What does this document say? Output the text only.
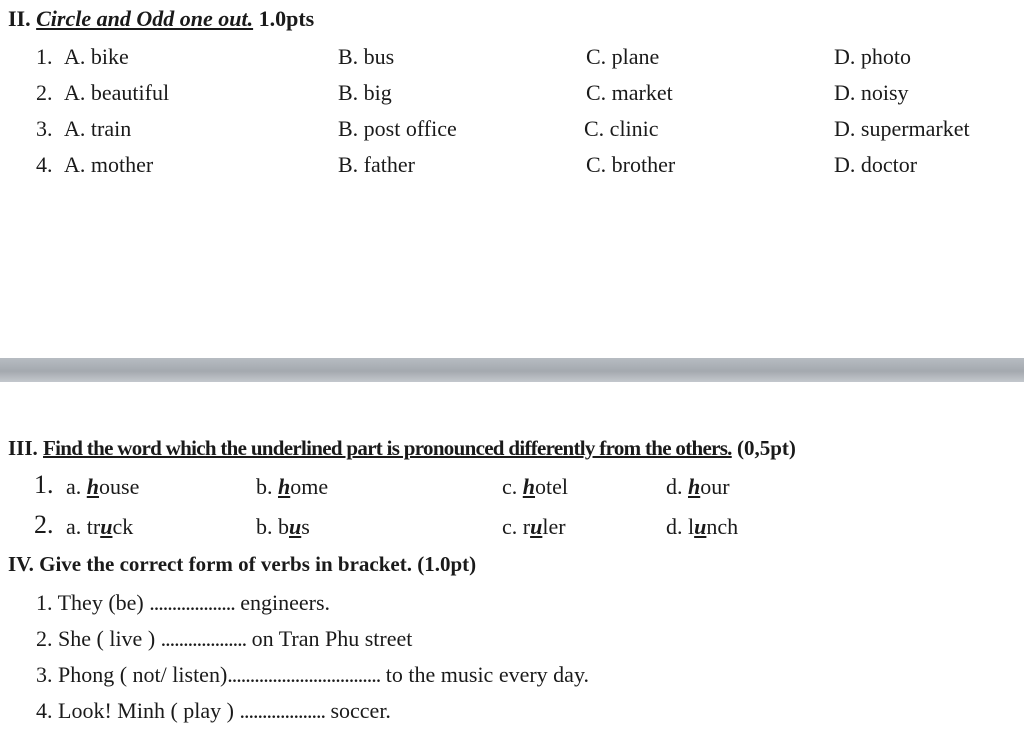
II. Circle and Odd one out. 1.0pts
1. A. bike	B. bus	C. plane	D. photo
2. A. beautiful	B. big	C. market	D. noisy
3. A. train	B. post office	C. clinic	D. supermarket
4. A. mother	B. father	C. brother	D. doctor
III. Find the word which the underlined part is pronounced differently from the others. (0,5pt)
1. a. house	b. home	c. hotel	d. hour
2. a. truck	b. bus	c. ruler	d. lunch
IV. Give the correct form of verbs in bracket. (1.0pt)
1. They (be) ................... engineers.
2. She ( live ) ................... on Tran Phu street
3. Phong ( not/ listen).................................. to the music every day.
4. Look! Minh ( play ) ................... soccer.
